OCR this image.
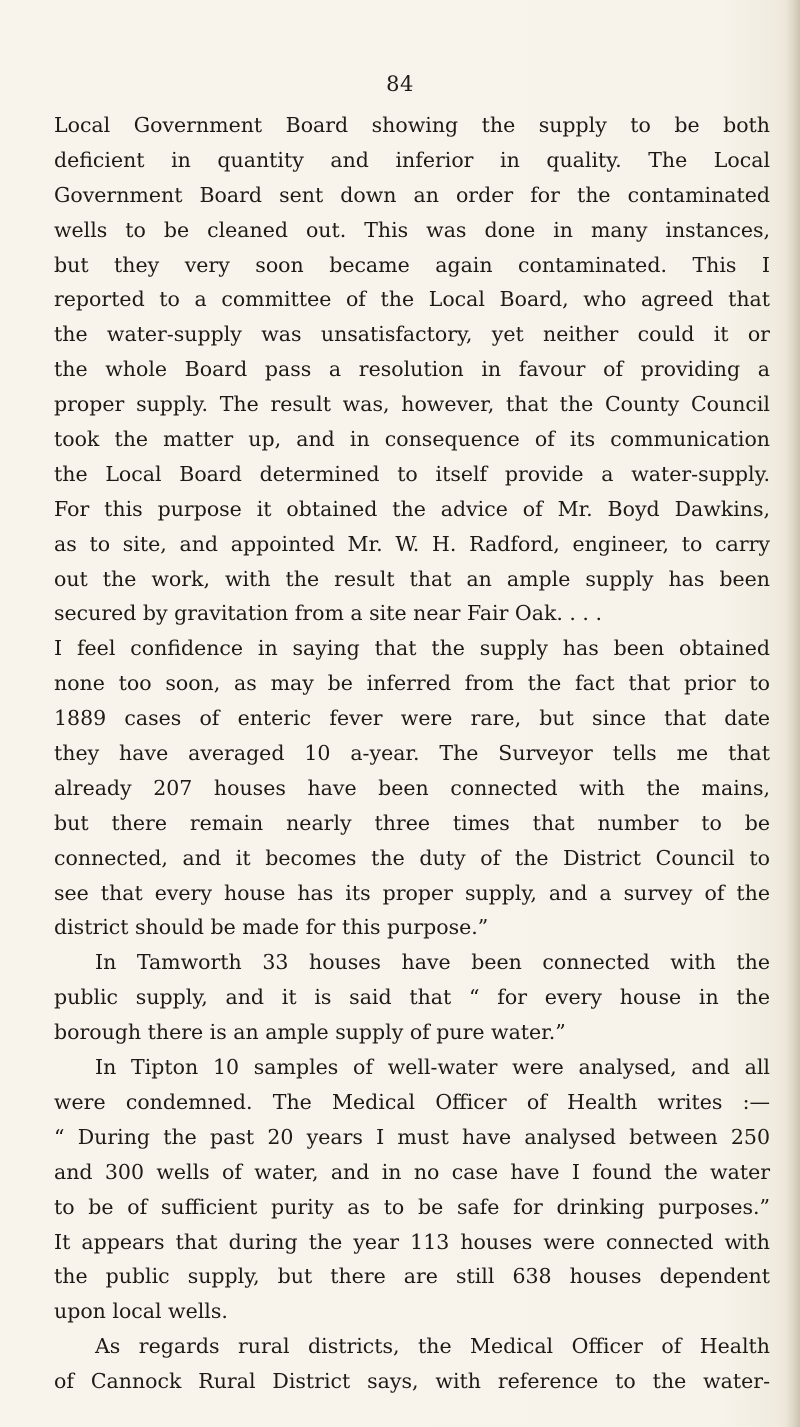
84
Local Government Board showing the supply to be both
deficient in quantity and inferior in quality. The Local
Government Board sent down an order for the contaminated
wells to be cleaned out. This was done in many instances,
but they very soon became again contaminated. This I
reported to a committee of the Local Board, who agreed that
the water-supply was unsatisfactory, yet neither could it or
the whole Board pass a resolution in favour of providing a
proper supply. The result was, however, that the County Council
took the matter up, and in consequence of its communication
the Local Board determined to itself provide a water-supply.
For this purpose it obtained the advice of Mr. Boyd Dawkins,
as to site, and appointed Mr. W. H. Radford, engineer, to carry
out the work, with the result that an ample supply has been
secured by gravitation from a site near Fair Oak. . . .
I feel confidence in saying that the supply has been obtained
none too soon, as may be inferred from the fact that prior to
1889 cases of enteric fever were rare, but since that date
they have averaged 10 a-year. The Surveyor tells me that
already 207 houses have been connected with the mains,
but there remain nearly three times that number to be
connected, and it becomes the duty of the District Council to
see that every house has its proper supply, and a survey of the
district should be made for this purpose.”
In Tamworth 33 houses have been connected with the
public supply, and it is said that “ for every house in the
borough there is an ample supply of pure water.”
In Tipton 10 samples of well-water were analysed, and all
were condemned. The Medical Officer of Health writes :—
“ During the past 20 years I must have analysed between 250
and 300 wells of water, and in no case have I found the water
to be of sufficient purity as to be safe for drinking purposes.”
It appears that during the year 113 houses were connected with
the public supply, but there are still 638 houses dependent
upon local wells.
As regards rural districts, the Medical Officer of Health
of Cannock Rural District says, with reference to the water-
